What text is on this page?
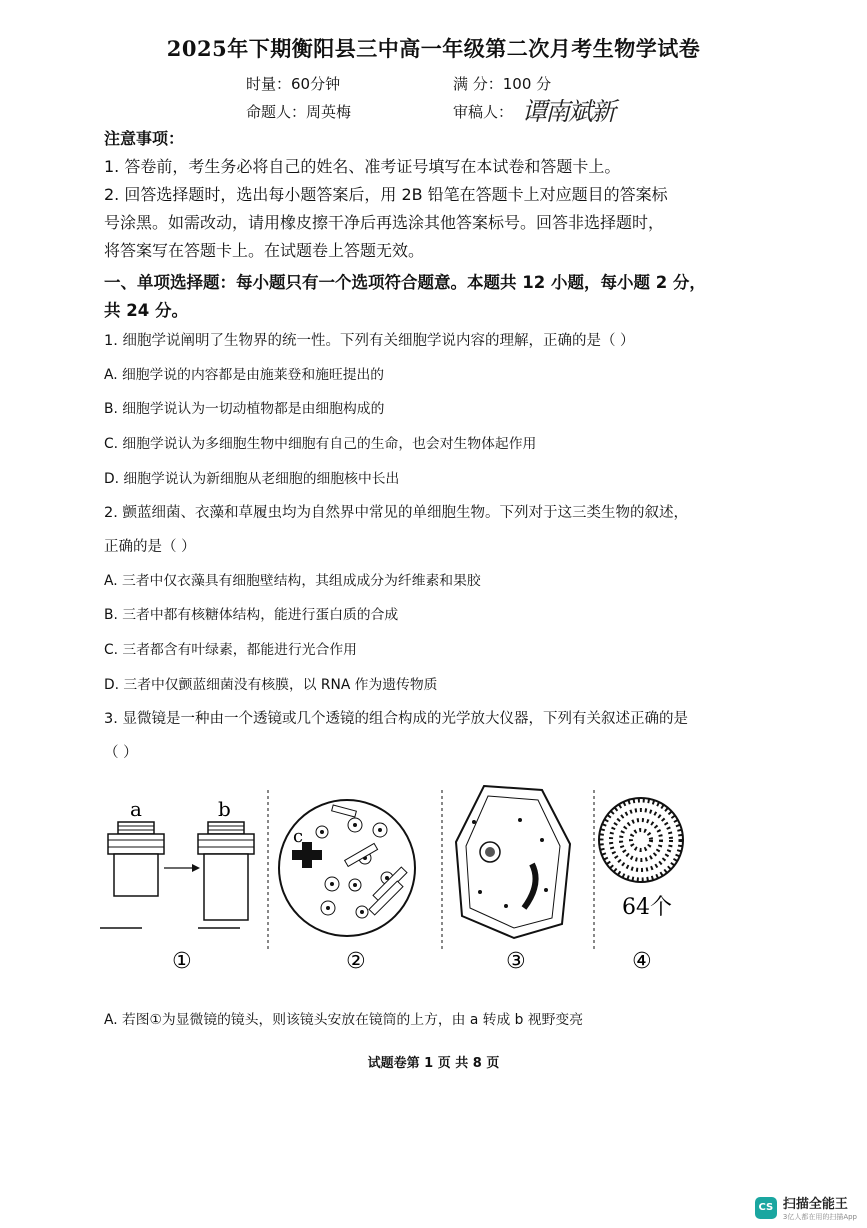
2025年下期衡阳县三中高一年级第二次月考生物学试卷
时量：60分钟	满 分：100 分
命题人：周英梅	审稿人： 谭南斌新
注意事项：
1. 答卷前，考生务必将自己的姓名、准考证号填写在本试卷和答题卡上。
2. 回答选择题时，选出每小题答案后，用 2B 铅笔在答题卡上对应题目的答案标
号涂黑。如需改动，请用橡皮擦干净后再选涂其他答案标号。回答非选择题时，
将答案写在答题卡上。在试题卷上答题无效。
一、单项选择题：每小题只有一个选项符合题意。本题共 12 小题，每小题 2 分，
共 24 分。
1. 细胞学说阐明了生物界的统一性。下列有关细胞学说内容的理解，正确的是（ ）
A. 细胞学说的内容都是由施莱登和施旺提出的
B. 细胞学说认为一切动植物都是由细胞构成的
C. 细胞学说认为多细胞生物中细胞有自己的生命，也会对生物体起作用
D. 细胞学说认为新细胞从老细胞的细胞核中长出
2. 颤蓝细菌、衣藻和草履虫均为自然界中常见的单细胞生物。下列对于这三类生物的叙述，
正确的是（ ）
A. 三者中仅衣藻具有细胞壁结构，其组成成分为纤维素和果胶
B. 三者中都有核糖体结构，能进行蛋白质的合成
C. 三者都含有叶绿素，都能进行光合作用
D. 三者中仅颤蓝细菌没有核膜，以 RNA 作为遗传物质
3. 显微镜是一种由一个透镜或几个透镜的组合构成的光学放大仪器，下列有关叙述正确的是
（ ）
a	b
①
c
②	③
64个
④
A. 若图①为显微镜的镜头，则该镜头安放在镜筒的上方，由 a 转成 b 视野变亮
试题卷第 1 页 共 8 页
CS 扫描全能王
3亿人都在用的扫描App
